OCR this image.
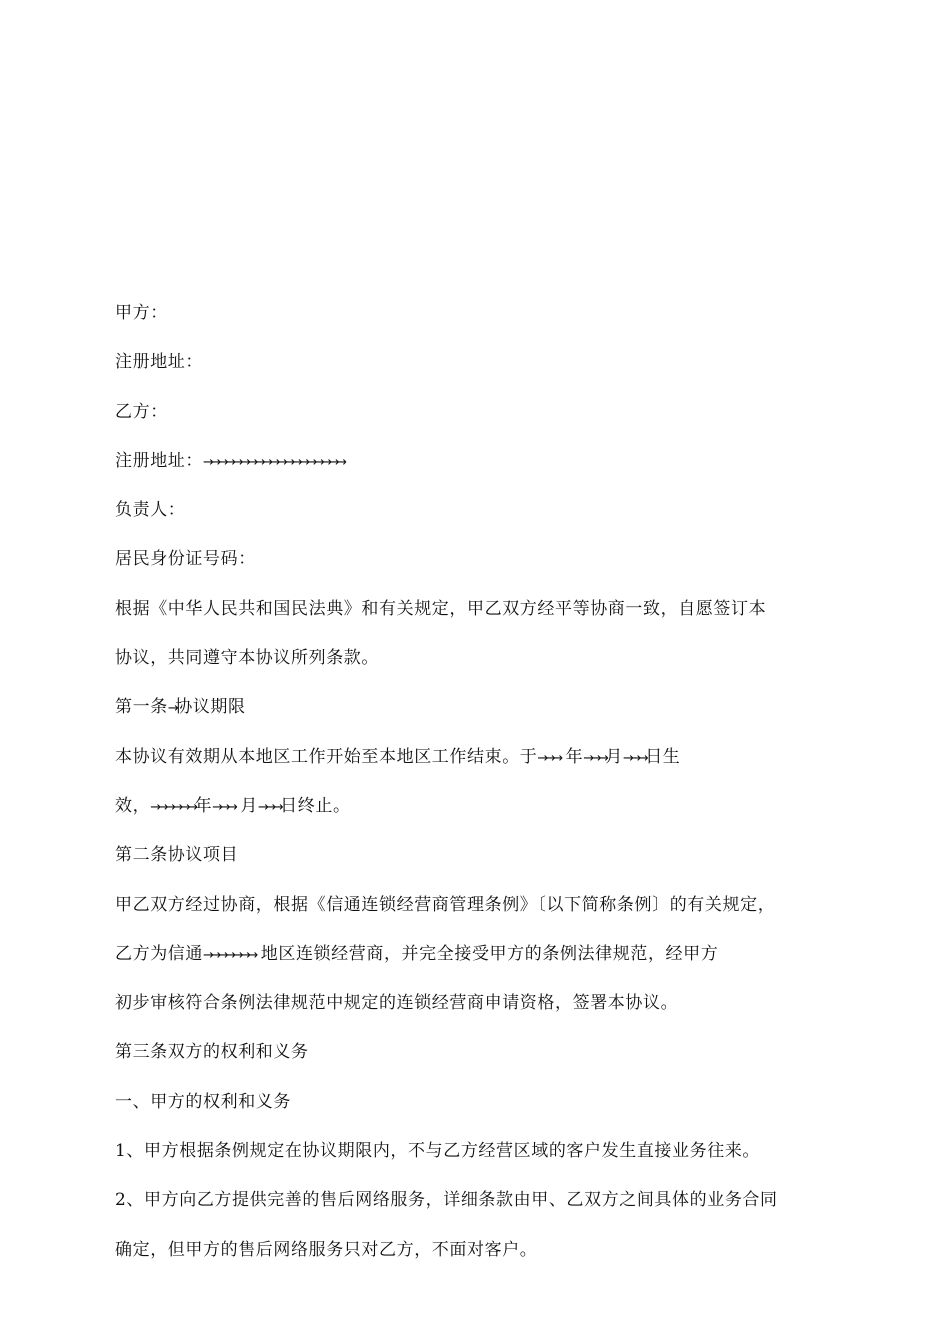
甲方：
注册地址：
乙方：
注册地址：→→→→→→→→→→→→→→→→→→→
负责人：
居民身份证号码：
根据《中华人民共和国民法典》和有关规定，甲乙双方经平等协商一致，自愿签订本
协议，共同遵守本协议所列条款。
第一条→协议期限
本协议有效期从本地区工作开始至本地区工作结束。于→→→ 年→→→月→→→日生
效，→→→→→→年→→→ 月→→→日终止。
第二条协议项目
甲乙双方经过协商，根据《信通连锁经营商管理条例》〔以下简称条例〕的有关规定，
乙方为信通→→→→→→→ 地区连锁经营商，并完全接受甲方的条例法律规范，经甲方
初步审核符合条例法律规范中规定的连锁经营商申请资格，签署本协议。
第三条双方的权利和义务
一、甲方的权利和义务
1、甲方根据条例规定在协议期限内，不与乙方经营区域的客户发生直接业务往来。
2、甲方向乙方提供完善的售后网络服务，详细条款由甲、乙双方之间具体的业务合同
确定，但甲方的售后网络服务只对乙方，不面对客户。
